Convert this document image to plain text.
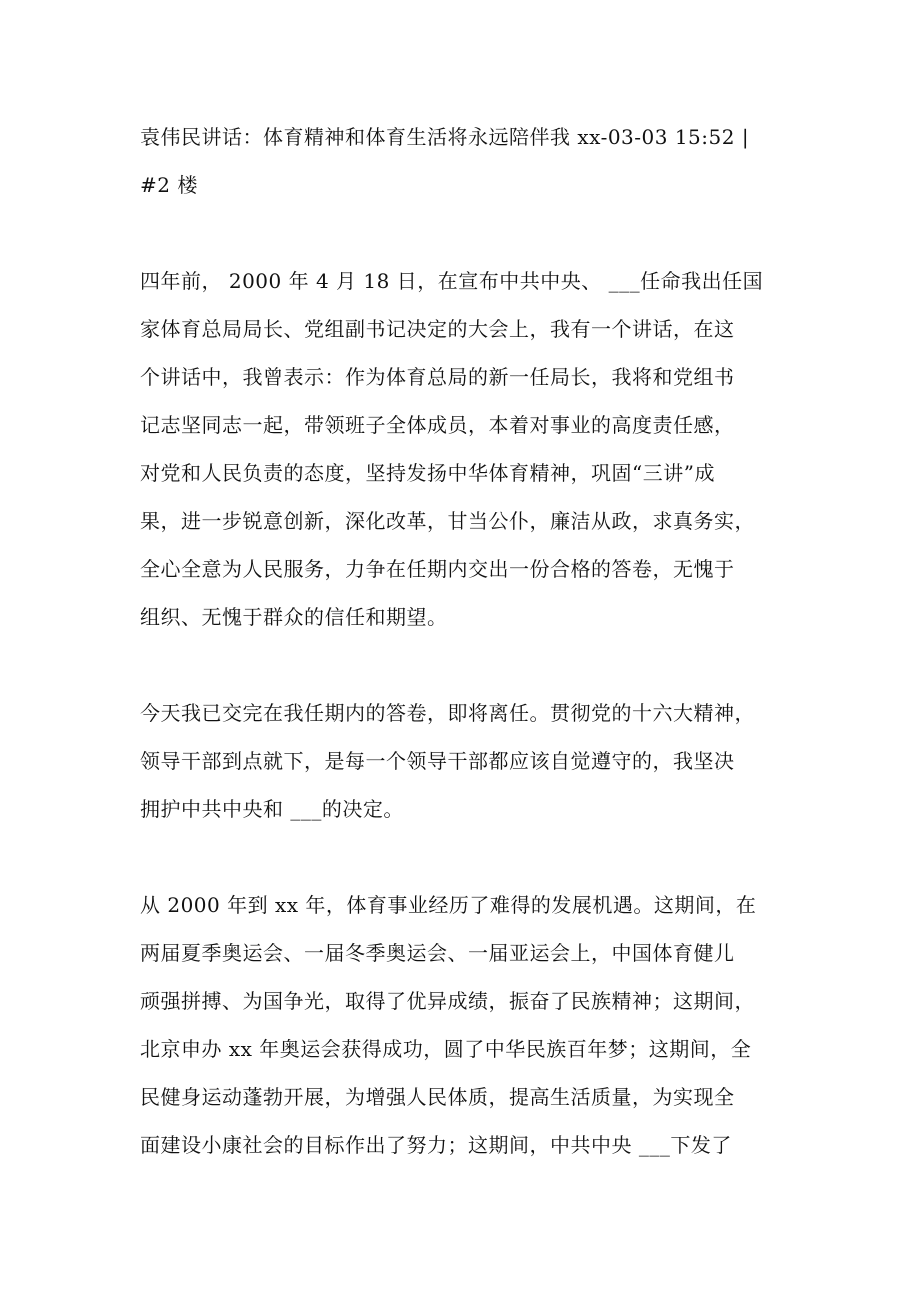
袁伟民讲话：体育精神和体育生活将永远陪伴我 xx-03-03 15:52 |

#2 楼

四年前， 2000 年 4 月 18 日，在宣布中共中央、 ___任命我出任国

家体育总局局长、党组副书记决定的大会上，我有一个讲话，在这

个讲话中，我曾表示：作为体育总局的新一任局长，我将和党组书

记志坚同志一起，带领班子全体成员，本着对事业的高度责任感，

对党和人民负责的态度，坚持发扬中华体育精神，巩固“三讲”成

果，进一步锐意创新，深化改革，甘当公仆，廉洁从政，求真务实，

全心全意为人民服务，力争在任期内交出一份合格的答卷，无愧于

组织、无愧于群众的信任和期望。

今天我已交完在我任期内的答卷，即将离任。贯彻党的十六大精神，

领导干部到点就下，是每一个领导干部都应该自觉遵守的，我坚决

拥护中共中央和 ___的决定。

从 2000 年到 xx 年，体育事业经历了难得的发展机遇。这期间，在

两届夏季奥运会、一届冬季奥运会、一届亚运会上，中国体育健儿

顽强拼搏、为国争光，取得了优异成绩，振奋了民族精神；这期间，

北京申办 xx 年奥运会获得成功，圆了中华民族百年梦；这期间，全

民健身运动蓬勃开展，为增强人民体质，提高生活质量，为实现全

面建设小康社会的目标作出了努力；这期间，中共中央 ___下发了
